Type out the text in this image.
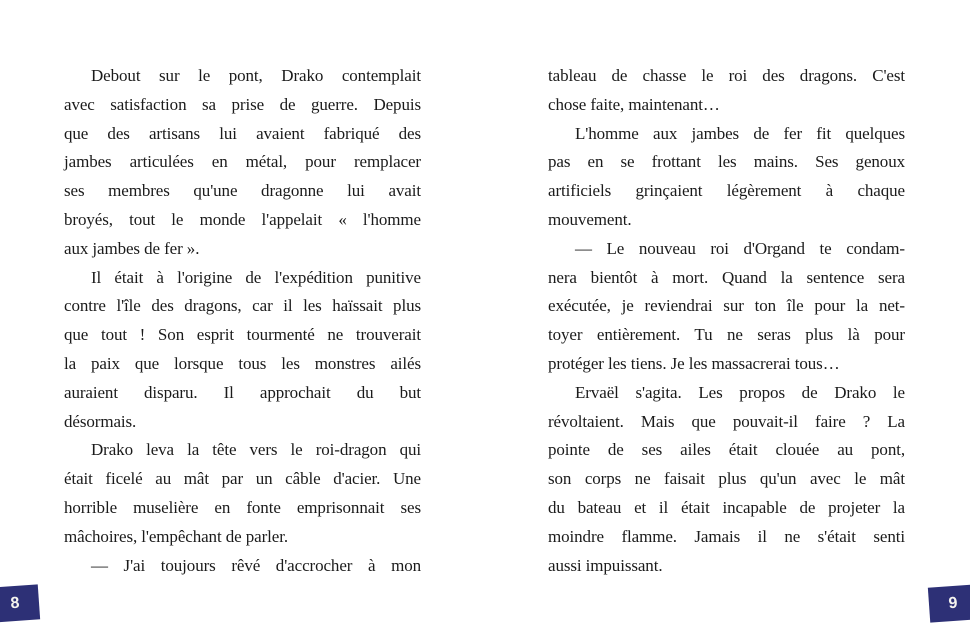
Debout sur le pont, Drako contemplait
avec satisfaction sa prise de guerre. Depuis
que des artisans lui avaient fabriqué des
jambes articulées en métal, pour remplacer
ses membres qu'une dragonne lui avait
broyés, tout le monde l'appelait « l'homme
aux jambes de fer ».
Il était à l'origine de l'expédition punitive
contre l'île des dragons, car il les haïssait plus
que tout ! Son esprit tourmenté ne trouverait
la paix que lorsque tous les monstres ailés
auraient disparu. Il approchait du but
désormais.
Drako leva la tête vers le roi-dragon qui
était ficelé au mât par un câble d'acier. Une
horrible muselière en fonte emprisonnait ses
mâchoires, l'empêchant de parler.
— J'ai toujours rêvé d'accrocher à mon
tableau de chasse le roi des dragons. C'est
chose faite, maintenant…
L'homme aux jambes de fer fit quelques
pas en se frottant les mains. Ses genoux
artificiels grinçaient légèrement à chaque
mouvement.
— Le nouveau roi d'Organd te condam-
nera bientôt à mort. Quand la sentence sera
exécutée, je reviendrai sur ton île pour la net-
toyer entièrement. Tu ne seras plus là pour
protéger les tiens. Je les massacrerai tous…
Ervaël s'agita. Les propos de Drako le
révoltaient. Mais que pouvait-il faire ? La
pointe de ses ailes était clouée au pont,
son corps ne faisait plus qu'un avec le mât
du bateau et il était incapable de projeter la
moindre flamme. Jamais il ne s'était senti
aussi impuissant.
8	9
